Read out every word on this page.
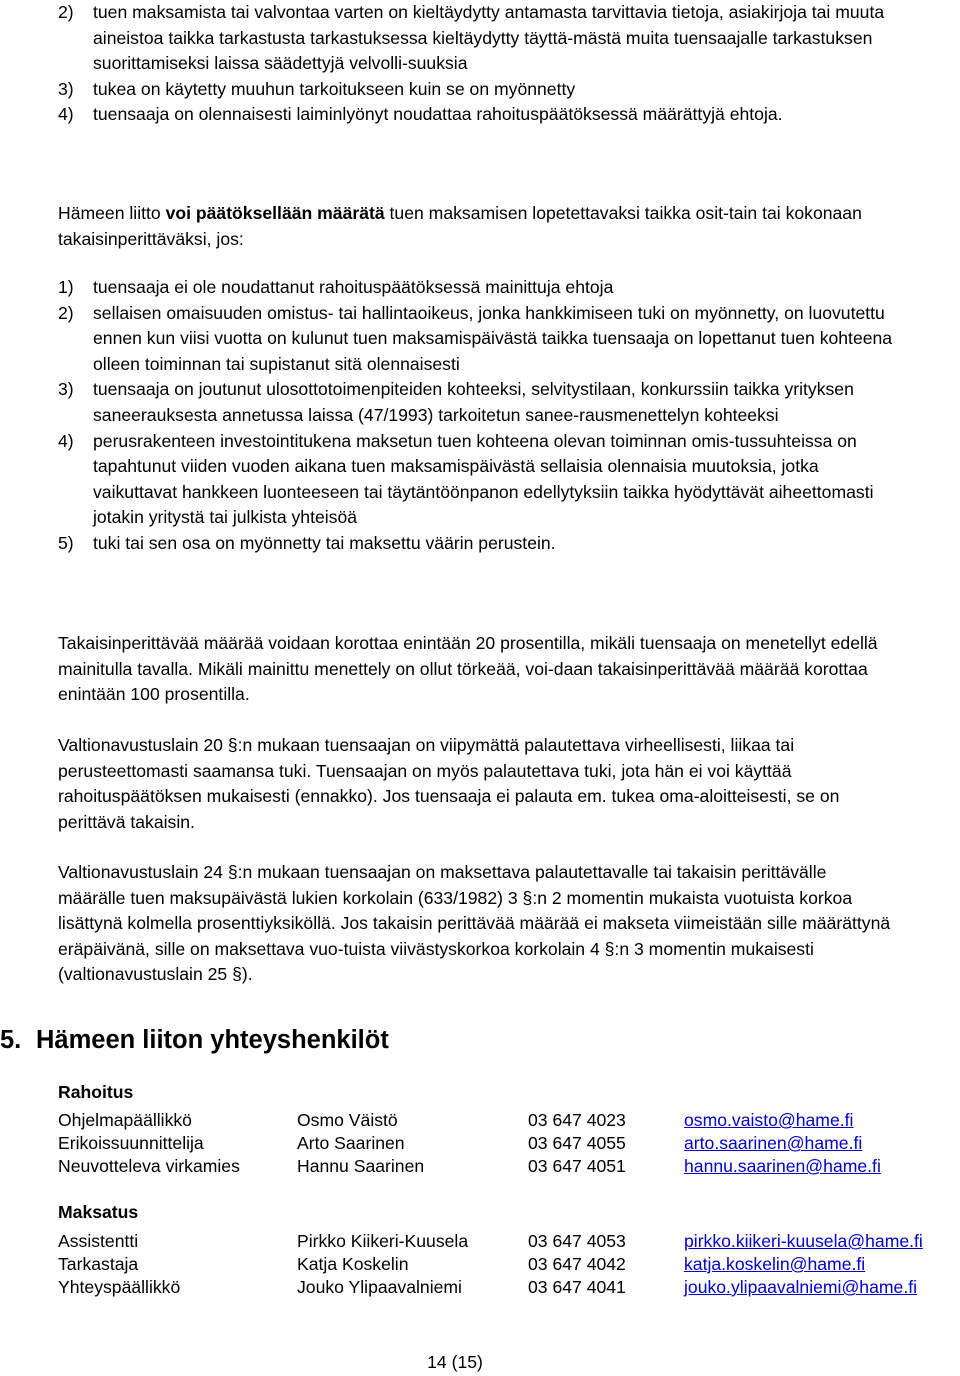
2) tuen maksamista tai valvontaa varten on kieltäydytty antamasta tarvittavia tietoja, asiakirjoja tai muuta aineistoa taikka tarkastusta tarkastuksessa kieltäydytty täyttä-mästä muita tuensaajalle tarkastuksen suorittamiseksi laissa säädettyjä velvolli-suuksia
3) tukea on käytetty muuhun tarkoitukseen kuin se on myönnetty
4) tuensaaja on olennaisesti laiminlyönyt noudattaa rahoituspäätöksessä määrättyjä ehtoja.

Hämeen liitto voi päätöksellään määrätä tuen maksamisen lopetettavaksi taikka osit-tain tai kokonaan takaisinperittäväksi, jos:

1) tuensaaja ei ole noudattanut rahoituspäätöksessä mainittuja ehtoja
2) sellaisen omaisuuden omistus- tai hallintaoikeus, jonka hankkimiseen tuki on myönnetty, on luovutettu ennen kun viisi vuotta on kulunut tuen maksamispäivästä taikka tuensaaja on lopettanut tuen kohteena olleen toiminnan tai supistanut sitä olennaisesti
3) tuensaaja on joutunut ulosottotoimenpiteiden kohteeksi, selvitystilaan, konkurssiin taikka yrityksen saneerauksesta annetussa laissa (47/1993) tarkoitetun sanee-rausmenettelyn kohteeksi
4) perusrakenteen investointitukena maksetun tuen kohteena olevan toiminnan omis-tussuhteissa on tapahtunut viiden vuoden aikana tuen maksamispäivästä sellaisia olennaisia muutoksia, jotka vaikuttavat hankkeen luonteeseen tai täytäntöönpanon edellytyksiin taikka hyödyttävät aiheettomasti jotakin yritystä tai julkista yhteisöä
5) tuki tai sen osa on myönnetty tai maksettu väärin perustein.

Takaisinperittävää määrää voidaan korottaa enintään 20 prosentilla, mikäli tuensaaja on menetellyt edellä mainitulla tavalla. Mikäli mainittu menettely on ollut törkeää, voi-daan takaisinperittävää määrää korottaa enintään 100 prosentilla.

Valtionavustuslain 20 §:n mukaan tuensaajan on viipymättä palautettava virheellisesti, liikaa tai perusteettomasti saamansa tuki. Tuensaajan on myös palautettava tuki, jota hän ei voi käyttää rahoituspäätöksen mukaisesti (ennakko). Jos tuensaaja ei palauta em. tukea oma-aloitteisesti, se on perittävä takaisin.

Valtionavustuslain 24 §:n mukaan tuensaajan on maksettava palautettavalle tai takaisin perittävälle määrälle tuen maksupäivästä lukien korkolain (633/1982) 3 §:n 2 momentin mukaista vuotuista korkoa lisättynä kolmella prosenttiyksiköllä. Jos takaisin perittävää määrää ei makseta viimeistään sille määrättynä eräpäivänä, sille on maksettava vuo-tuista viivästyskorkoa korkolain 4 §:n 3 momentin mukaisesti (valtionavustuslain 25 §).

5. Hämeen liiton yhteyshenkilöt

Rahoitus

Ohjelmapäällikkö	Osmo Väistö	03 647 4023	osmo.vaisto@hame.fi
Erikoissuunnittelija	Arto Saarinen	03 647 4055	arto.saarinen@hame.fi
Neuvotteleva virkamies	Hannu Saarinen	03 647 4051	hannu.saarinen@hame.fi

Maksatus

Assistentti	Pirkko Kiikeri-Kuusela	03 647 4053	pirkko.kiikeri-kuusela@hame.fi
Tarkastaja	Katja Koskelin	03 647 4042	katja.koskelin@hame.fi
Yhteyspäällikkö	Jouko Ylipaavalniemi	03 647 4041	jouko.ylipaavalniemi@hame.fi
14 (15)
